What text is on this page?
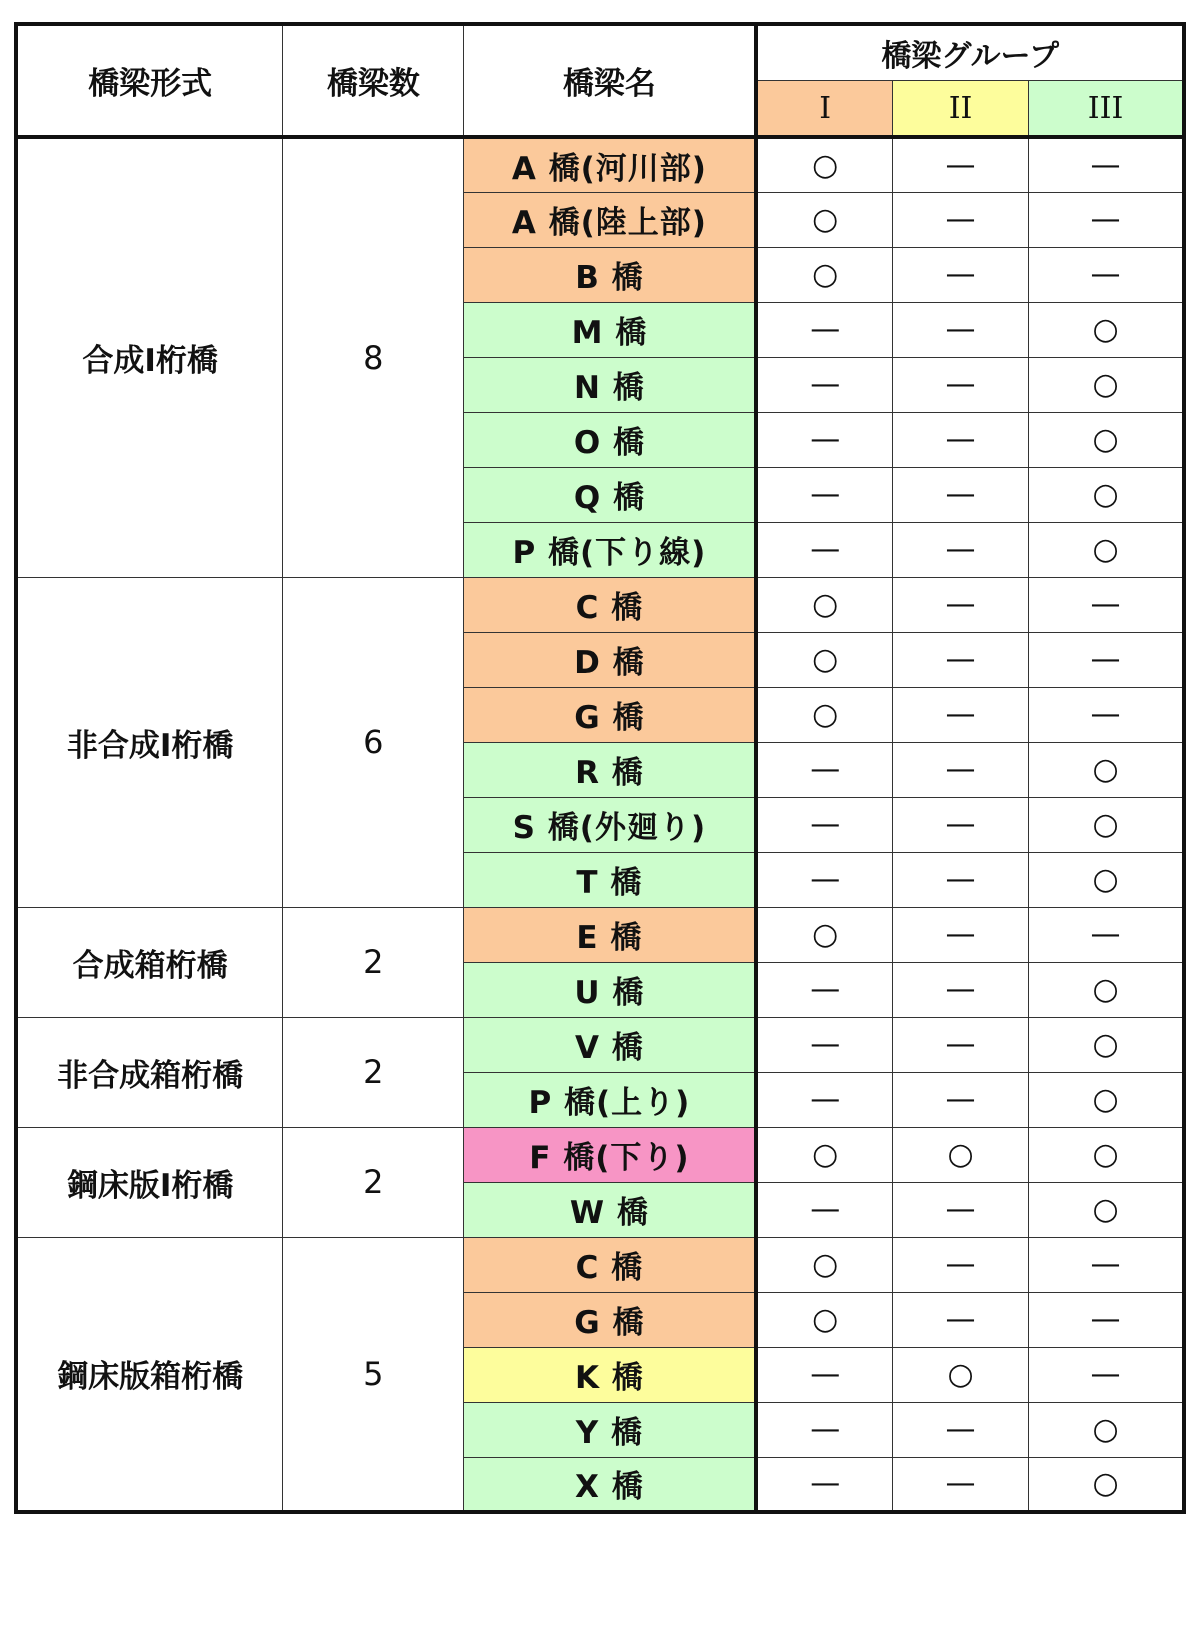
橋梁形式	橋梁数	橋梁名	橋梁グループ		
			I	II	III
合成I桁橋	8	A 橋(河川部)	○	—	—
		A 橋(陸上部)	○	—	—
		B 橋	○	—	—
		M 橋	—	—	○
		N 橋	—	—	○
		O 橋	—	—	○
		Q 橋	—	—	○
		P 橋(下り線)	—	—	○
非合成I桁橋	6	C 橋	○	—	—
		D 橋	○	—	—
		G 橋	○	—	—
		R 橋	—	—	○
		S 橋(外廻り)	—	—	○
		T 橋	—	—	○
合成箱桁橋	2	E 橋	○	—	—
		U 橋	—	—	○
非合成箱桁橋	2	V 橋	—	—	○
		P 橋(上り)	—	—	○
鋼床版I桁橋	2	F 橋(下り)	○	○	○
		W 橋	—	—	○
鋼床版箱桁橋	5	C 橋	○	—	—
		G 橋	○	—	—
		K 橋	—	○	—
		Y 橋	—	—	○
		X 橋	—	—	○
